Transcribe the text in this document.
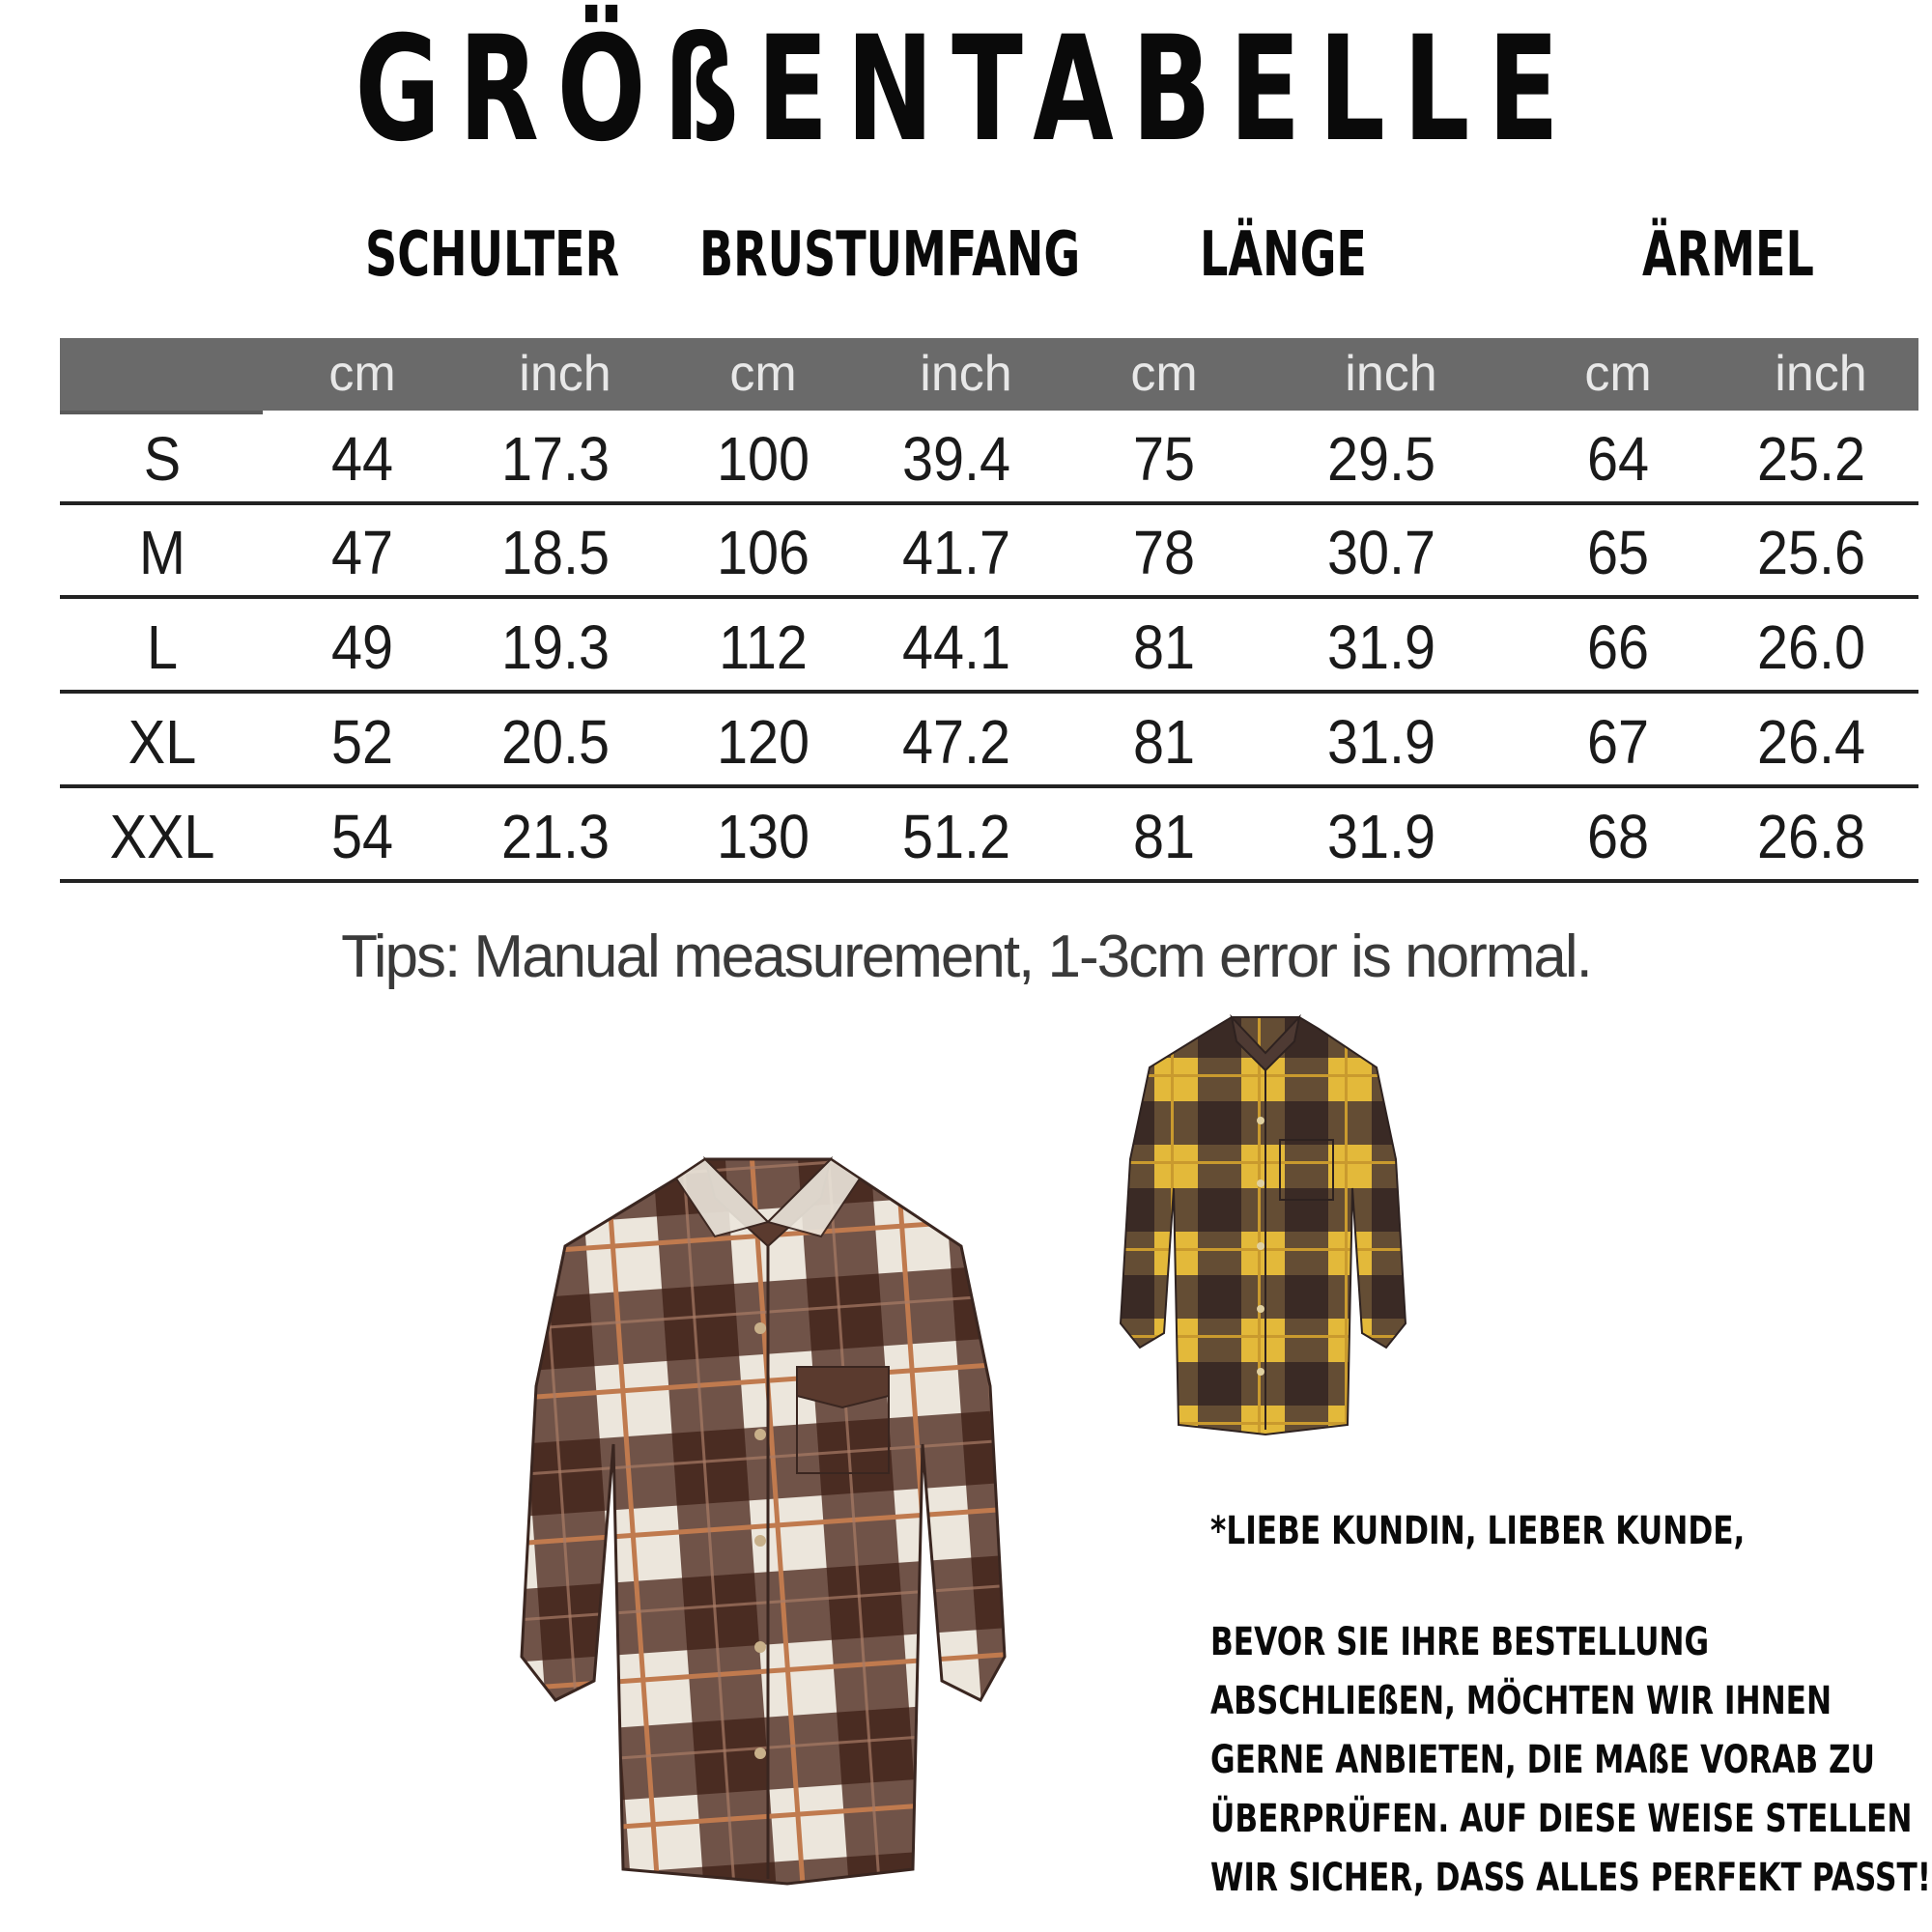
GRÖßENTABELLE
SCHULTER BRUSTUMFANG LÄNGE	ÄRMEL
cm inch cm inch cm	inch	cm inch
S 44 17.3 100 39.4 75 29.5 64 25.2
M 47 18.5 106 41.7 78 30.7 65 25.6
L 49 19.3 112 44.1 81 31.9 66 26.0
XL 52 20.5 120 47.2 81 31.9 67 26.4
XXL 54 21.3 130 51.2 81 31.9 68 26.8
Tips: Manual measurement, 1-3cm error is normal.
*LIEBE KUNDIN, LIEBER KUNDE,
BEVOR SIE IHRE BESTELLUNG
ABSCHLIEßEN, MÖCHTEN WIR IHNEN
GERNE ANBIETEN, DIE MAßE VORAB ZU
ÜBERPRÜFEN. AUF DIESE WEISE STELLEN
WIR SICHER, DASS ALLES PERFEKT PASST!
